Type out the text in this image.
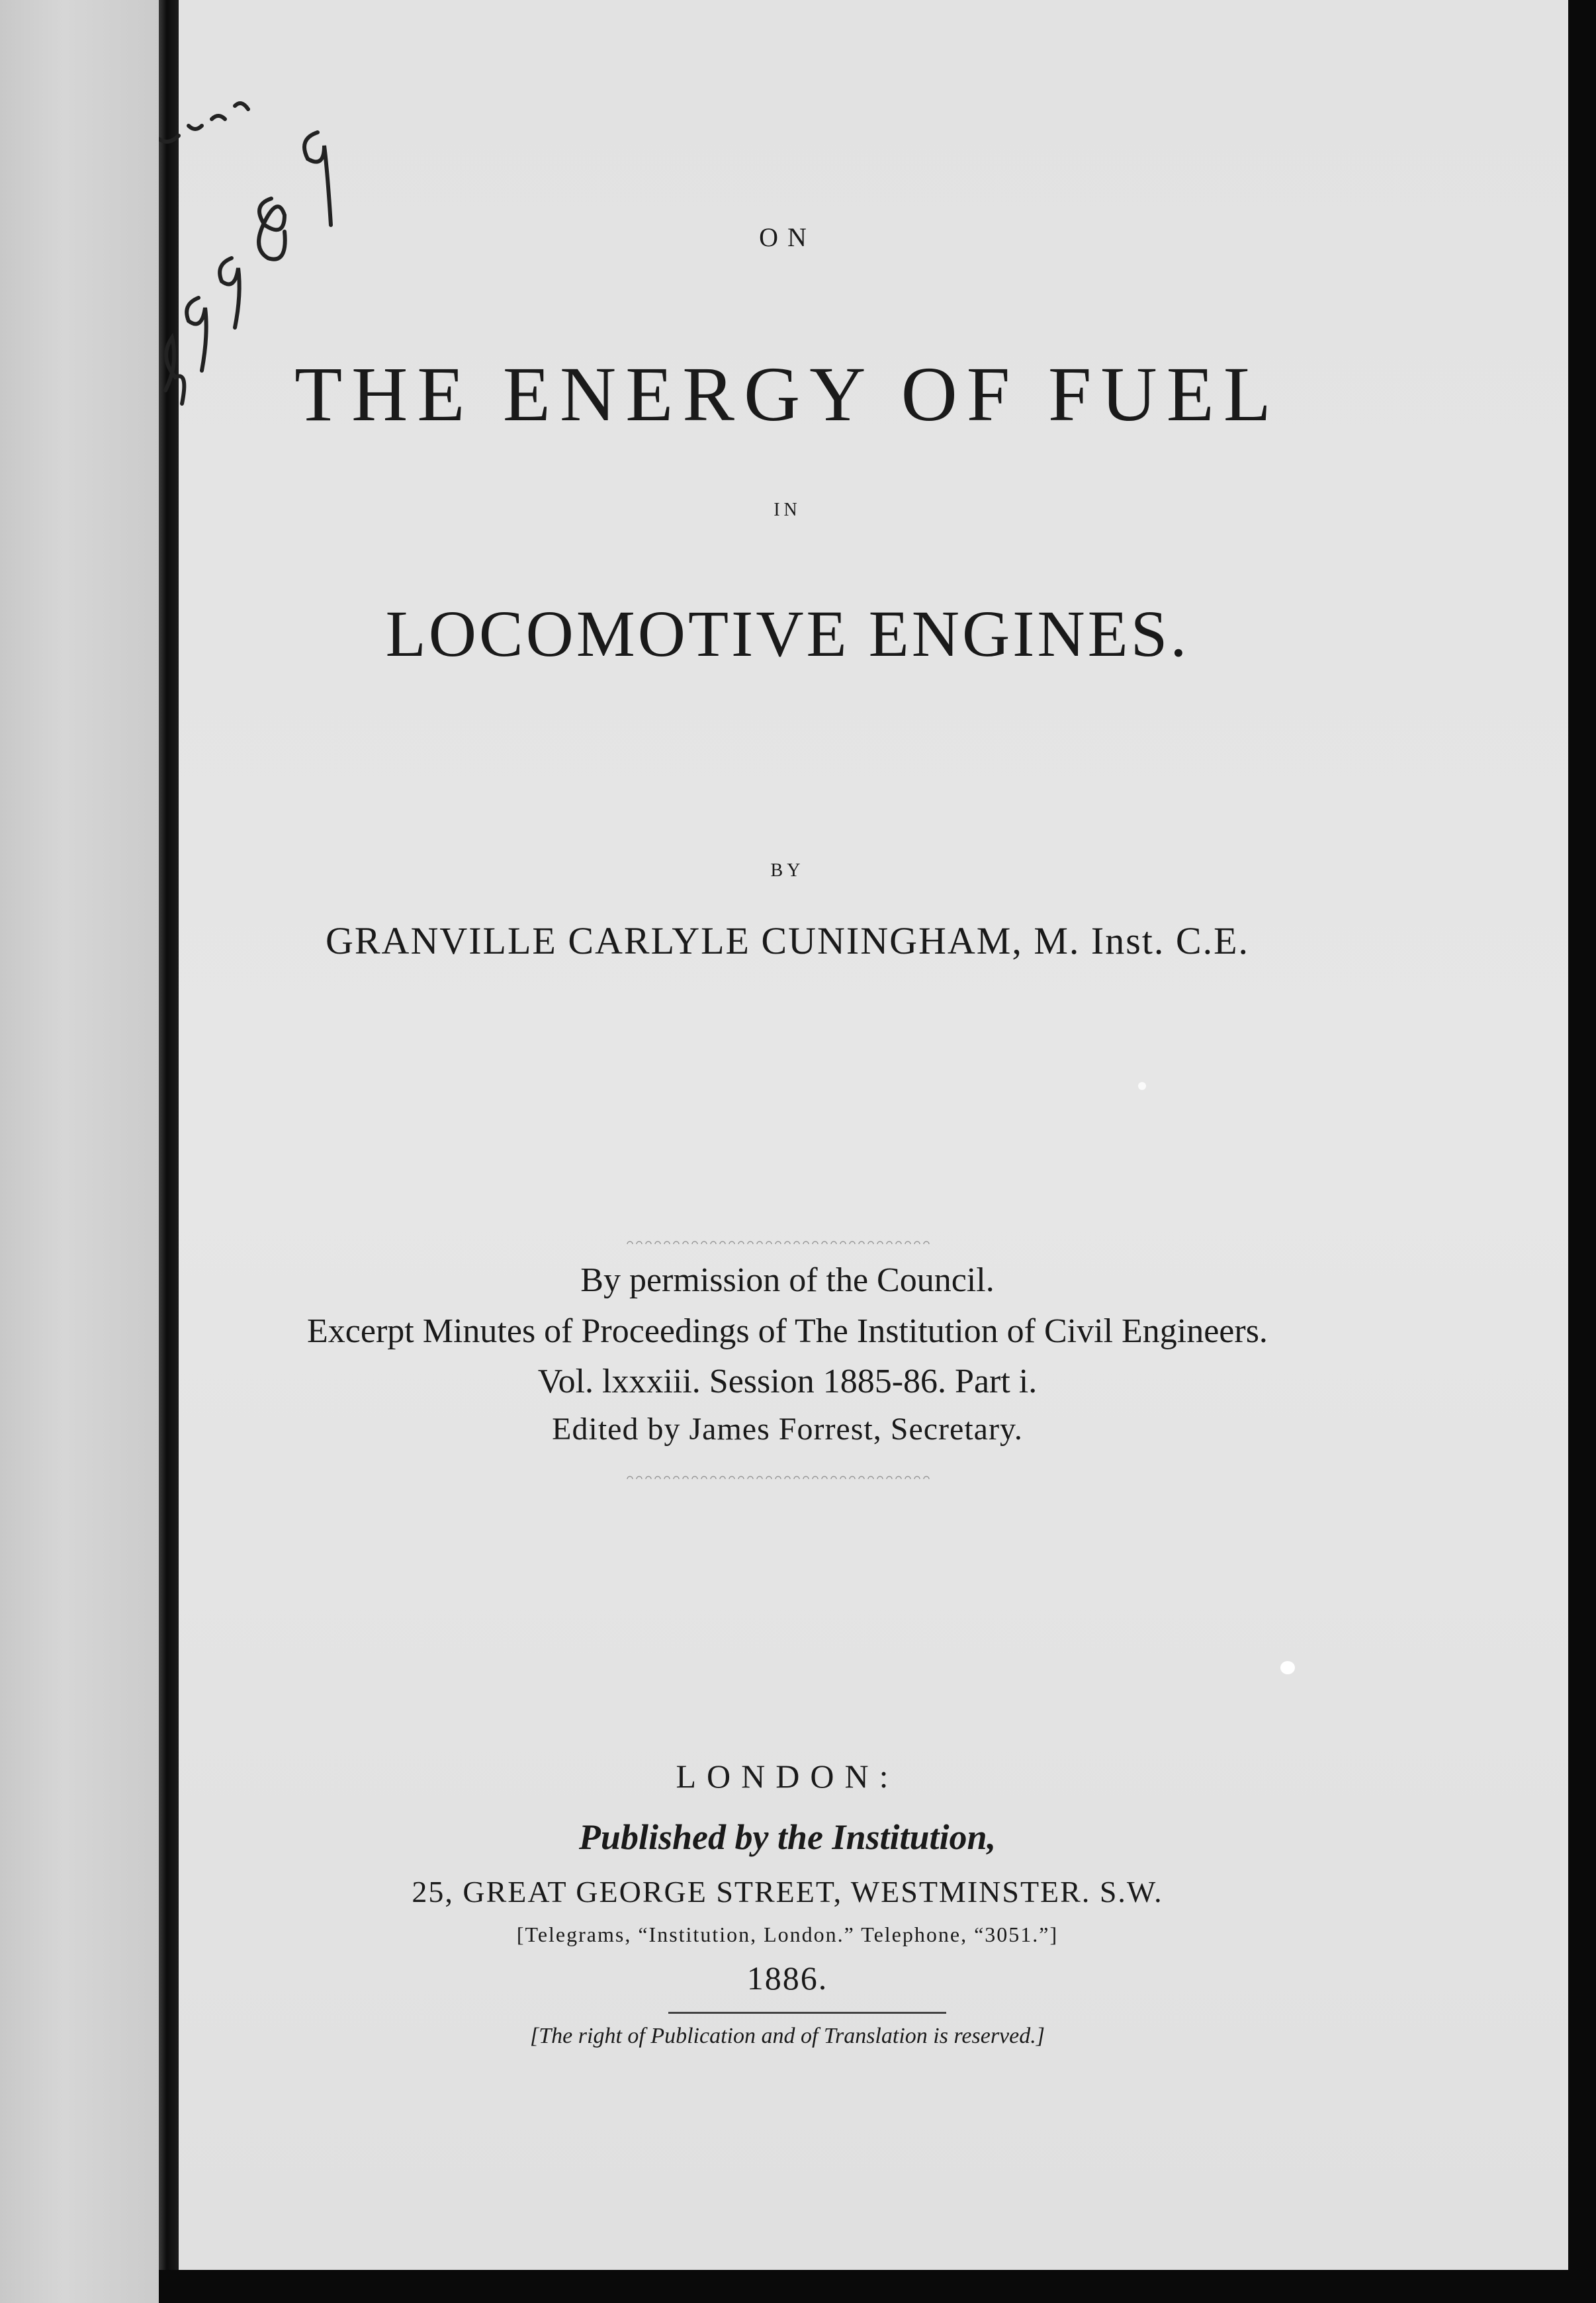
ON
THE ENERGY OF FUEL
IN
LOCOMOTIVE ENGINES.
BY
GRANVILLE CARLYLE CUNINGHAM, M. Inst. C.E.
By permission of the Council.
Excerpt Minutes of Proceedings of The Institution of Civil Engineers.
Vol. lxxxiii. Session 1885-86. Part i.
Edited by James Forrest, Secretary.
LONDON:
Published by the Institution,
25, GREAT GEORGE STREET, WESTMINSTER. S.W.
[Telegrams, “Institution, London.” Telephone, “3051.”]
1886.
[The right of Publication and of Translation is reserved.]
